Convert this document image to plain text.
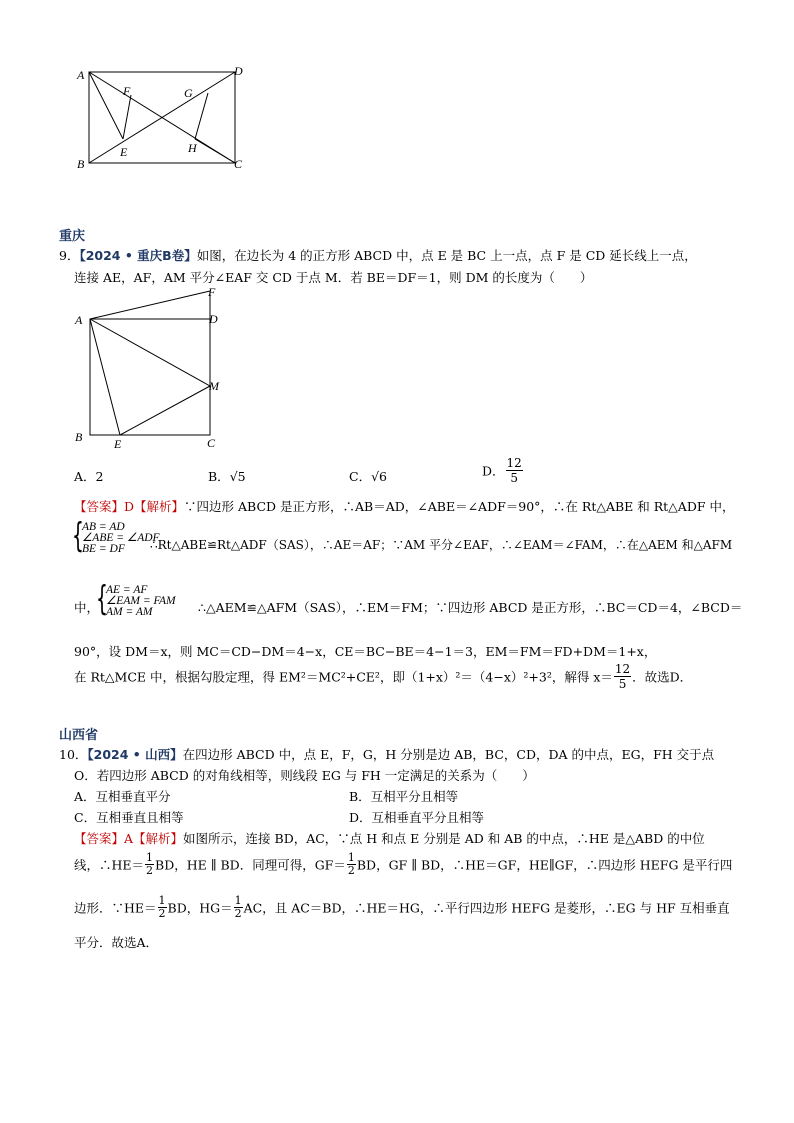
A	D
F	G
E	H
B	C
重庆
9．【2024 • 重庆B卷】如图，在边长为 4 的正方形 ABCD 中，点 E 是 BC 上一点，点 F 是 CD 延长线上一点，
连接 AE，AF，AM 平分∠EAF 交 CD 于点 M．若 BE＝DF＝1，则 DM 的长度为（　　）
F
A	D
M
B	E	C
A．2	B．√5	C．√6	D． $\frac{12}{5}$
【答案】D【解析】∵四边形 ABCD 是正方形，∴AB＝AD，∠ABE＝∠ADF＝90°，∴在 Rt△ABE 和 Rt△ADF 中，
{
AB = AD
∠ABE = ∠ADF
BE = DF	∴Rt△ABE≌Rt△ADF（SAS），∴AE＝AF；∵AM 平分∠EAF，∴∠EAM＝∠FAM，∴在△AEM 和△AFM
中，
{
AE = AF
∠EAM = FAM
AM = AM	∴△AEM≌△AFM（SAS），∴EM＝FM；∵四边形 ABCD 是正方形，∴BC＝CD＝4，∠BCD＝
90°，设 DM＝x，则 MC＝CD−DM＝4−x，CE＝BC−BE＝4−1＝3，EM＝FM＝FD+DM＝1+x，
在 Rt△MCE 中，根据勾股定理，得 EM²＝MC²+CE²，即（1+x）²＝（4−x）²+3²，解得 $x= \frac{12}{5}$ ．故选D．
山西省
10．【2024 • 山西】在四边形 ABCD 中，点 E，F，G，H 分别是边 AB，BC，CD，DA 的中点，EG，FH 交于点
O．若四边形 ABCD 的对角线相等，则线段 EG 与 FH 一定满足的关系为（　　）
A．互相垂直平分	B．互相平分且相等
C．互相垂直且相等	D．互相垂直平分且相等
【答案】A【解析】如图所示，连接 BD，AC，∵点 H 和点 E 分别是 AD 和 AB 的中点，∴HE 是△ABD 的中位
线，∴HE＝ $\frac{1}{2}$ BD，HE ∥ BD．同理可得，$GF= \frac{1}{2}$ BD，GF ∥ BD，∴HE＝GF，HE∥GF，∴四边形 HEFG 是平行四
边形．∵HE＝ $\frac{1}{2}$ BD，$HG= \frac{1}{2}$ AC，且 AC＝BD，∴HE＝HG，∴平行四边形 HEFG 是菱形，∴EG 与 HF 互相垂直
平分．故选A．
